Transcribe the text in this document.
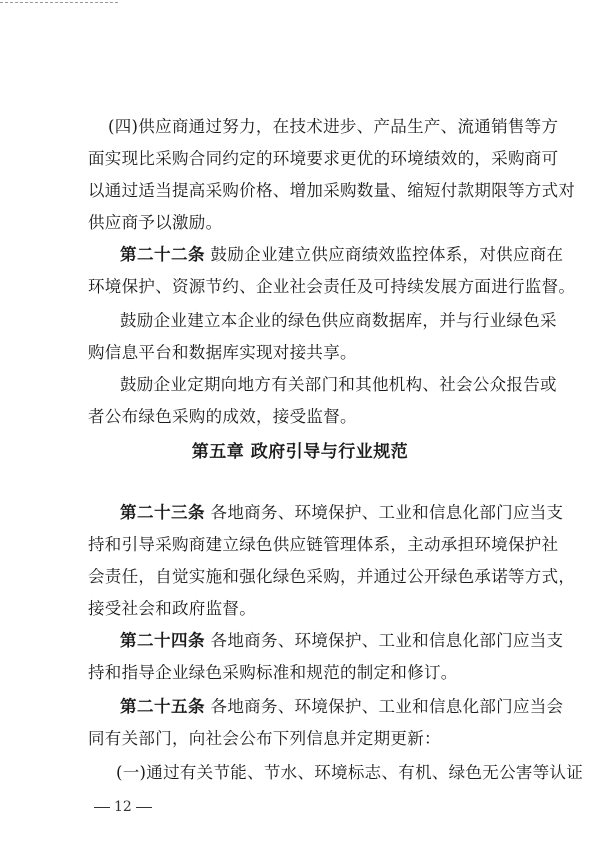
(四)供应商通过努力，在技术进步、产品生产、流通销售等方
面实现比采购合同约定的环境要求更优的环境绩效的，采购商可
以通过适当提高采购价格、增加采购数量、缩短付款期限等方式对
供应商予以激励。
第二十二条 鼓励企业建立供应商绩效监控体系，对供应商在
环境保护、资源节约、企业社会责任及可持续发展方面进行监督。
鼓励企业建立本企业的绿色供应商数据库，并与行业绿色采
购信息平台和数据库实现对接共享。
鼓励企业定期向地方有关部门和其他机构、社会公众报告或
者公布绿色采购的成效，接受监督。
第五章 政府引导与行业规范
第二十三条 各地商务、环境保护、工业和信息化部门应当支
持和引导采购商建立绿色供应链管理体系，主动承担环境保护社
会责任，自觉实施和强化绿色采购，并通过公开绿色承诺等方式，
接受社会和政府监督。
第二十四条 各地商务、环境保护、工业和信息化部门应当支
持和指导企业绿色采购标准和规范的制定和修订。
第二十五条 各地商务、环境保护、工业和信息化部门应当会
同有关部门，向社会公布下列信息并定期更新：
(一)通过有关节能、节水、环境标志、有机、绿色无公害等认证
12
